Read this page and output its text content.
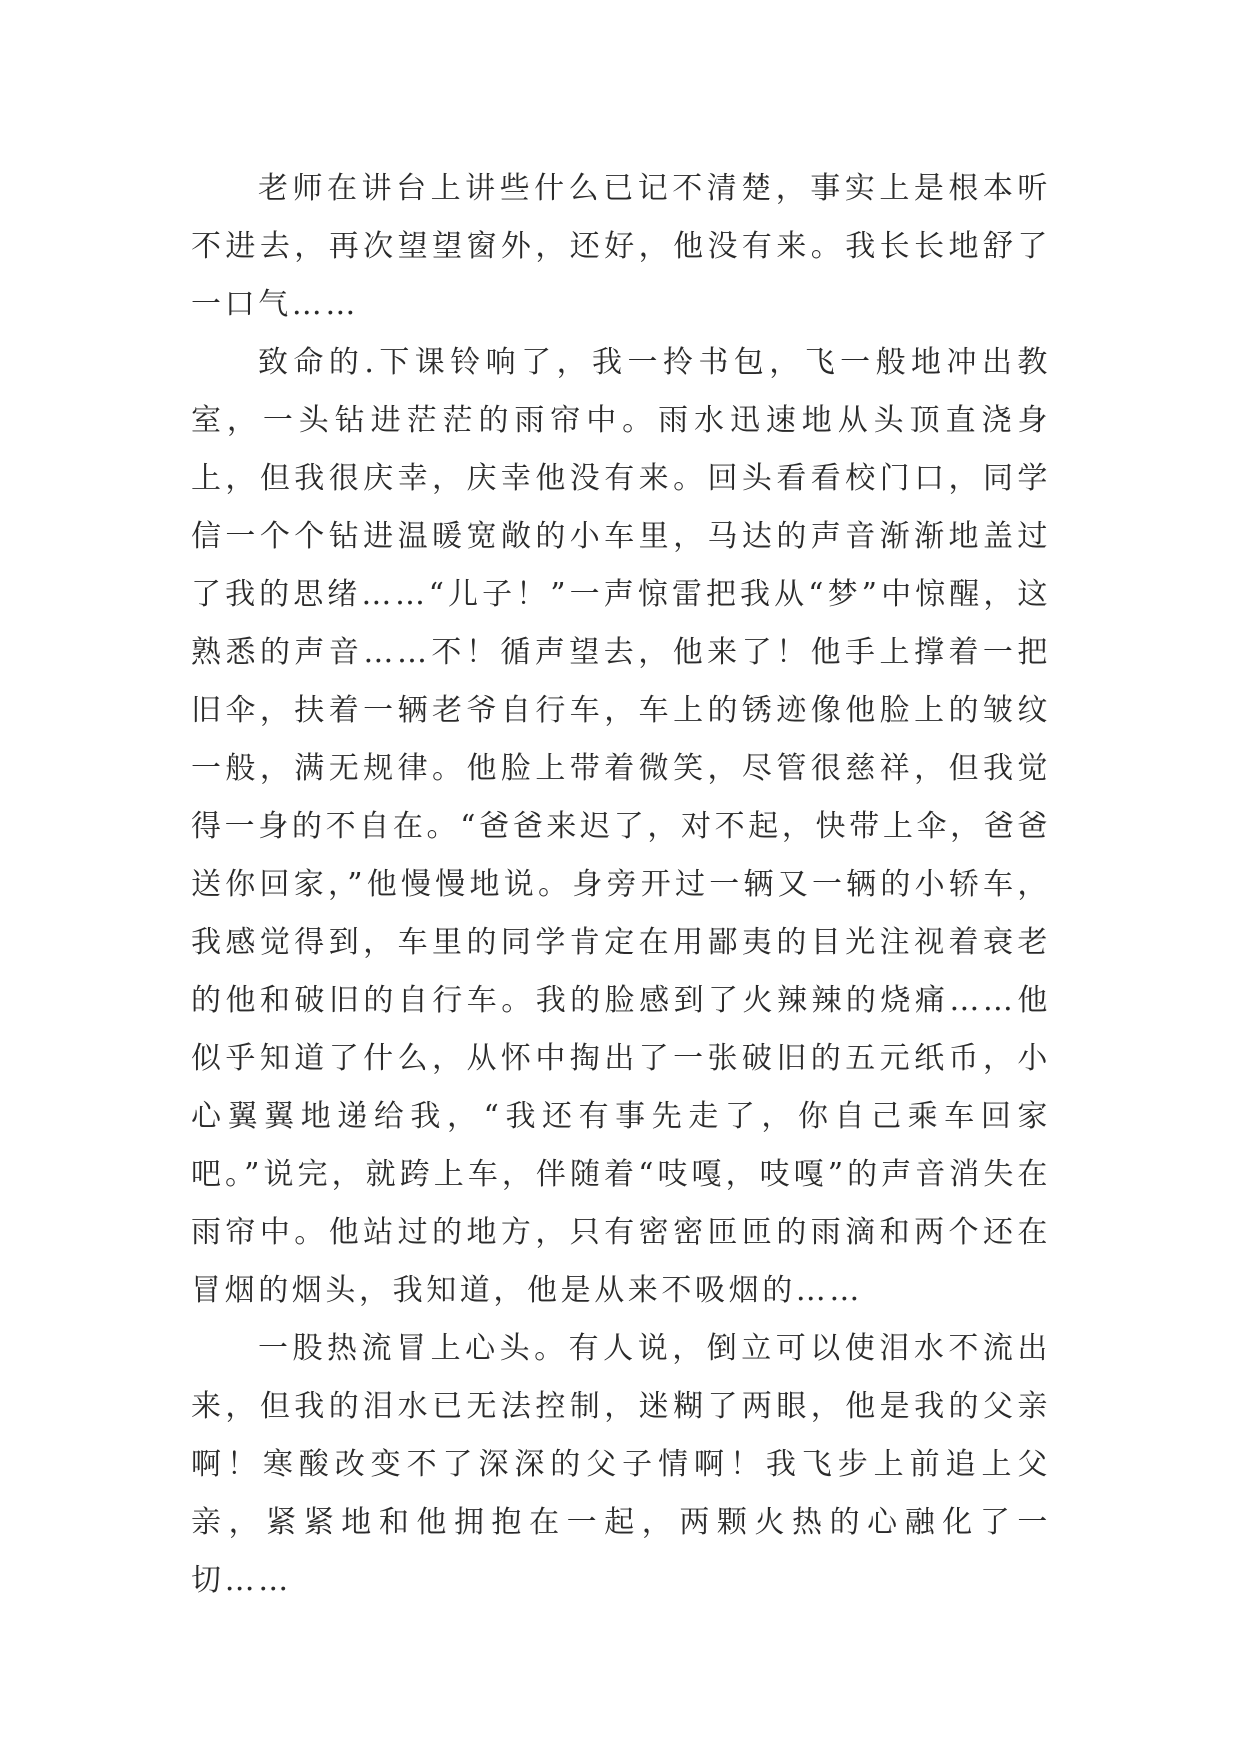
老师在讲台上讲些什么已记不清楚，事实上是根本听不进去，再次望望窗外，还好，他没有来。我长长地舒了一口气……

致命的.下课铃响了，我一拎书包，飞一般地冲出教室，一头钻进茫茫的雨帘中。雨水迅速地从头顶直浇身上，但我很庆幸，庆幸他没有来。回头看看校门口，同学信一个个钻进温暖宽敞的小车里，马达的声音渐渐地盖过了我的思绪……“儿子！”一声惊雷把我从“梦”中惊醒，这熟悉的声音……不！循声望去，他来了！他手上撑着一把旧伞，扶着一辆老爷自行车，车上的锈迹像他脸上的皱纹一般，满无规律。他脸上带着微笑，尽管很慈祥，但我觉得一身的不自在。“爸爸来迟了，对不起，快带上伞，爸爸送你回家，”他慢慢地说。身旁开过一辆又一辆的小轿车，我感觉得到，车里的同学肯定在用鄙夷的目光注视着衰老的他和破旧的自行车。我的脸感到了火辣辣的烧痛……他似乎知道了什么，从怀中掏出了一张破旧的五元纸币，小心翼翼地递给我，“我还有事先走了，你自己乘车回家吧。”说完，就跨上车，伴随着“吱嘎，吱嘎”的声音消失在雨帘中。他站过的地方，只有密密匝匝的雨滴和两个还在冒烟的烟头，我知道，他是从来不吸烟的……

一股热流冒上心头。有人说，倒立可以使泪水不流出来，但我的泪水已无法控制，迷糊了两眼，他是我的父亲啊！寒酸改变不了深深的父子情啊！我飞步上前追上父亲，紧紧地和他拥抱在一起，两颗火热的心融化了一切……
